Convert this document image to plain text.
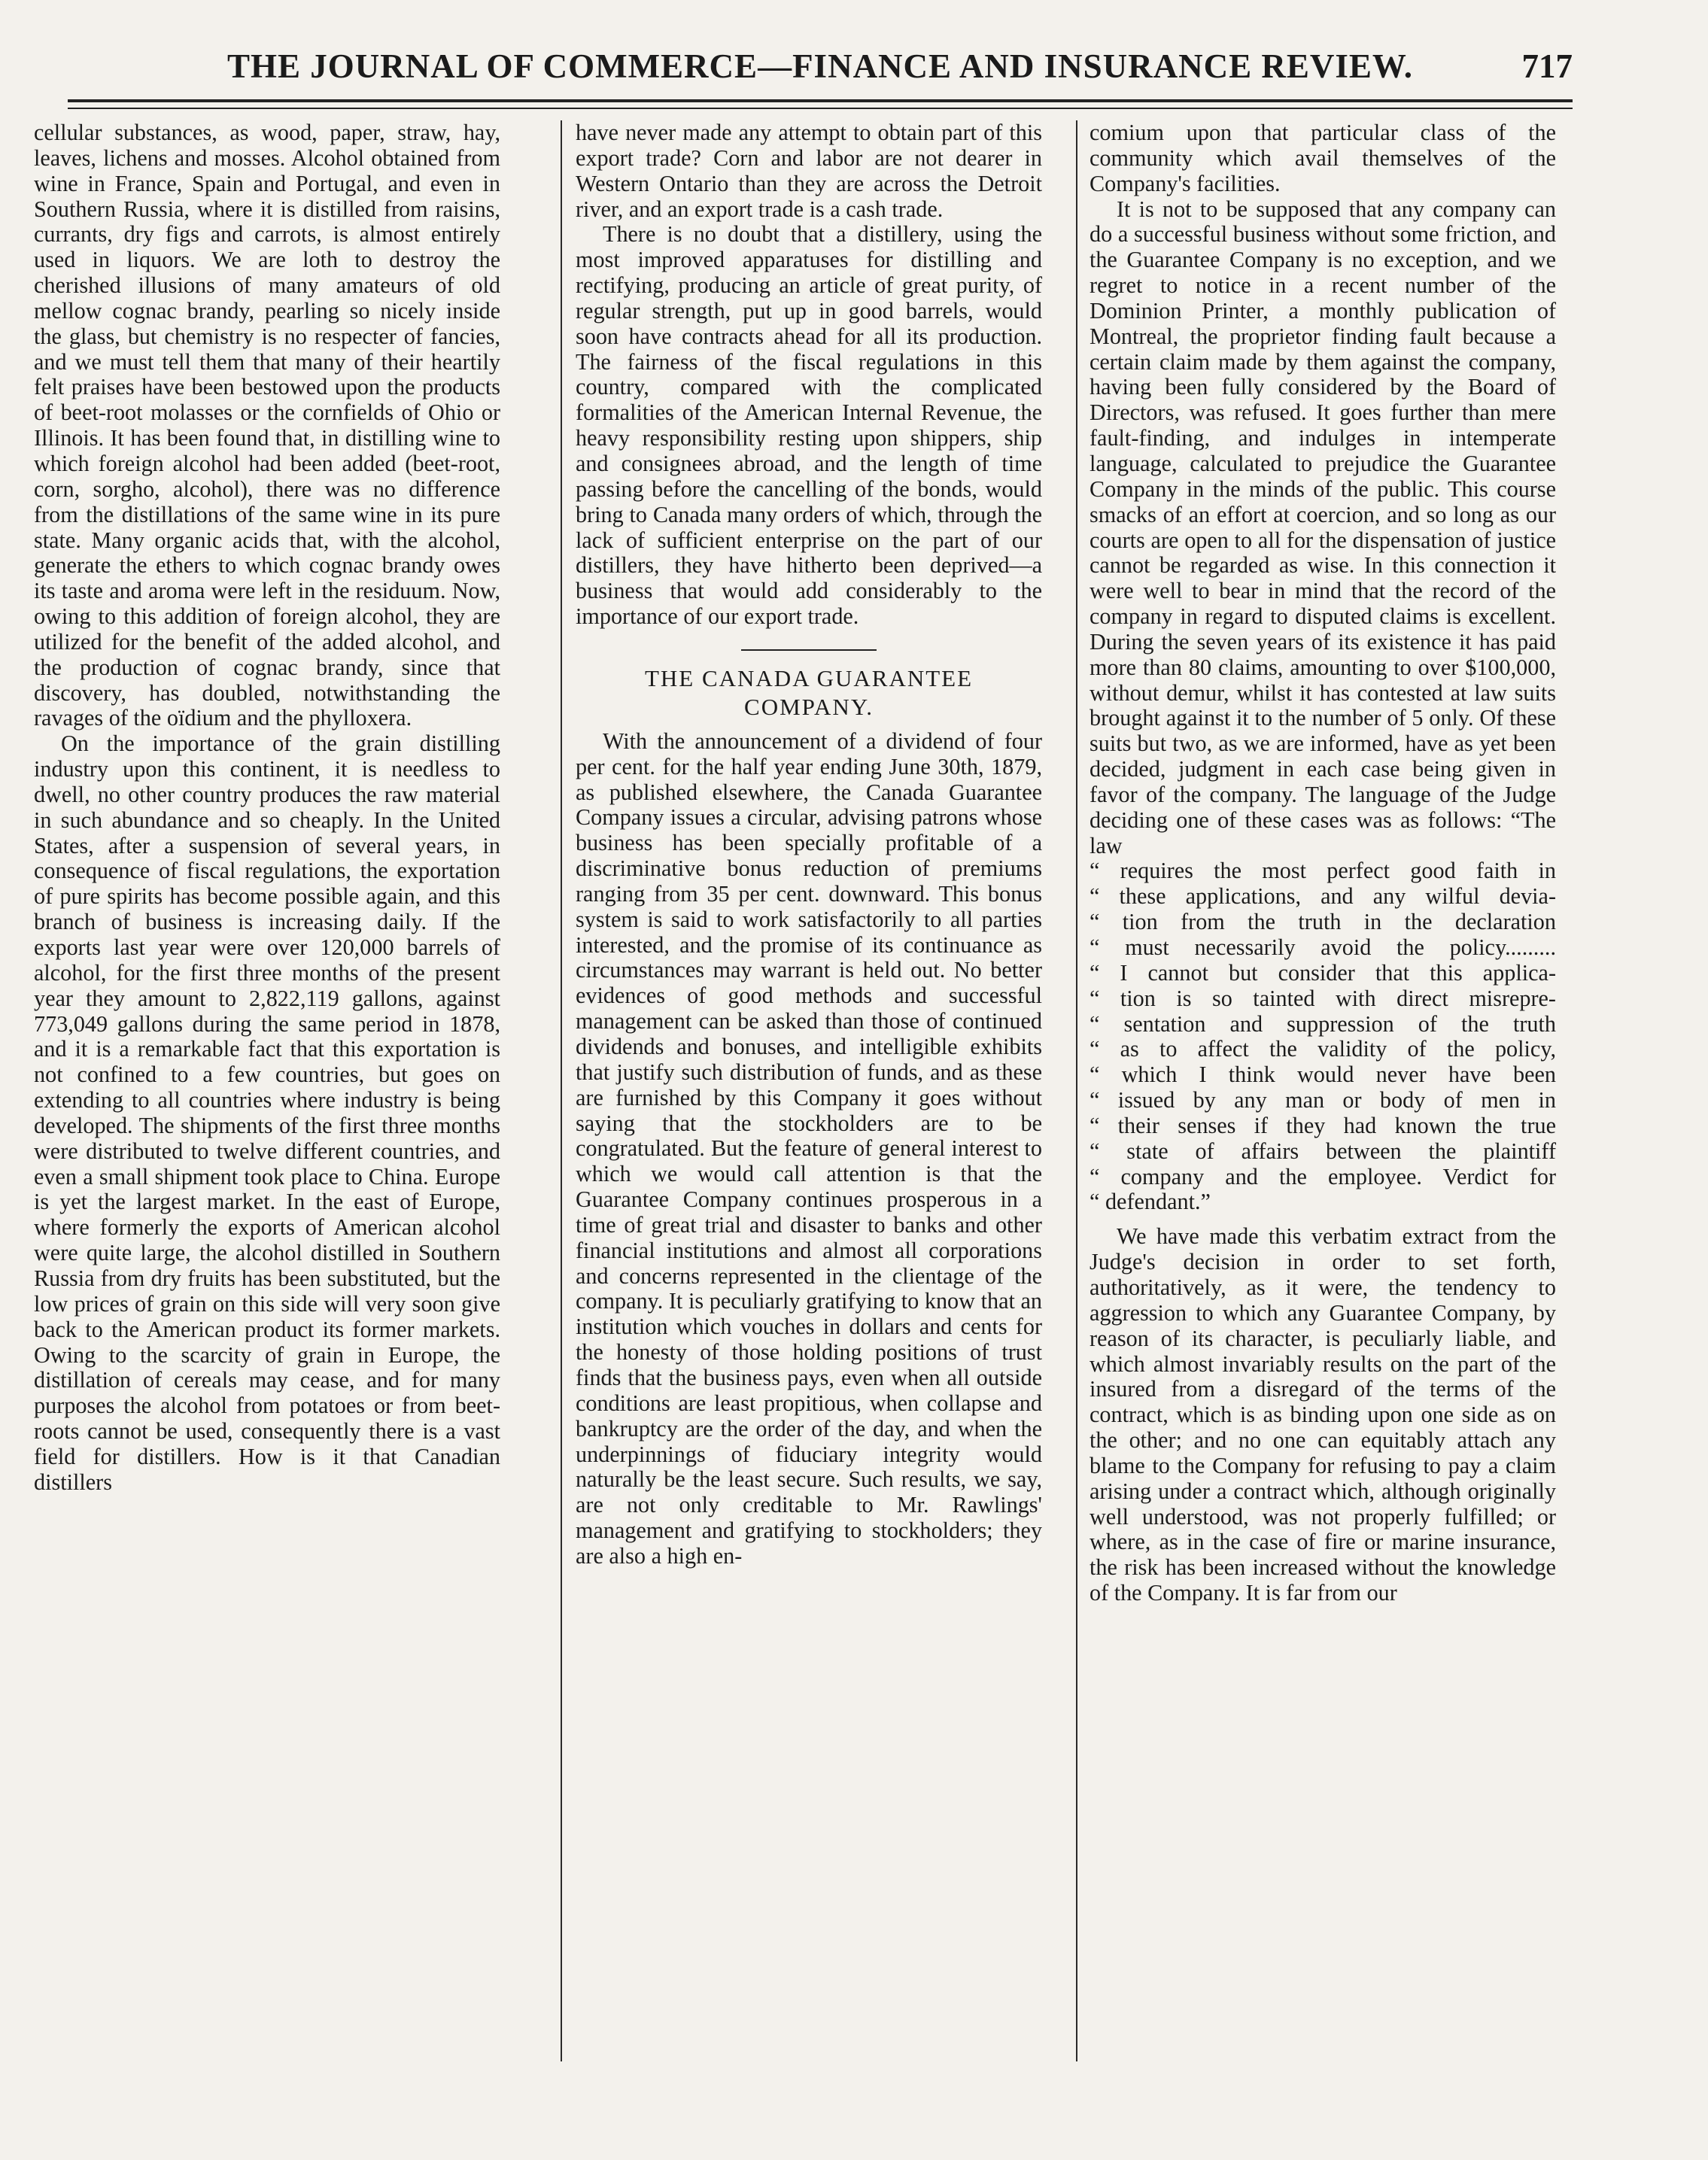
THE JOURNAL OF COMMERCE—FINANCE AND INSURANCE REVIEW.	717

cellular substances, as wood, paper, straw, hay, leaves, lichens and mosses. Alcohol obtained from wine in France, Spain and Portugal, and even in Southern Russia, where it is distilled from raisins, currants, dry figs and carrots, is almost entirely used in liquors. We are loth to destroy the cherished illusions of many amateurs of old mellow cognac brandy, pearling so nicely inside the glass, but chemistry is no respecter of fancies, and we must tell them that many of their heartily felt praises have been bestowed upon the products of beet-root molasses or the cornfields of Ohio or Illinois. It has been found that, in distilling wine to which foreign alcohol had been added (beet-root, corn, sorgho, alcohol), there was no difference from the distillations of the same wine in its pure state. Many organic acids that, with the alcohol, generate the ethers to which cognac brandy owes its taste and aroma were left in the residuum. Now, owing to this addition of foreign alcohol, they are utilized for the benefit of the added alcohol, and the production of cognac brandy, since that discovery, has doubled, notwithstanding the ravages of the oïdium and the phylloxera.

On the importance of the grain distilling industry upon this continent, it is needless to dwell, no other country produces the raw material in such abundance and so cheaply. In the United States, after a suspension of several years, in consequence of fiscal regulations, the exportation of pure spirits has become possible again, and this branch of business is increasing daily. If the exports last year were over 120,000 barrels of alcohol, for the first three months of the present year they amount to 2,822,119 gallons, against 773,049 gallons during the same period in 1878, and it is a remarkable fact that this exportation is not confined to a few countries, but goes on extending to all countries where industry is being developed. The shipments of the first three months were distributed to twelve different countries, and even a small shipment took place to China. Europe is yet the largest market. In the east of Europe, where formerly the exports of American alcohol were quite large, the alcohol distilled in Southern Russia from dry fruits has been substituted, but the low prices of grain on this side will very soon give back to the American product its former markets. Owing to the scarcity of grain in Europe, the distillation of cereals may cease, and for many purposes the alcohol from potatoes or from beet-roots cannot be used, consequently there is a vast field for distillers. How is it that Canadian distillers

have never made any attempt to obtain part of this export trade? Corn and labor are not dearer in Western Ontario than they are across the Detroit river, and an export trade is a cash trade.

There is no doubt that a distillery, using the most improved apparatuses for distilling and rectifying, producing an article of great purity, of regular strength, put up in good barrels, would soon have contracts ahead for all its production. The fairness of the fiscal regulations in this country, compared with the complicated formalities of the American Internal Revenue, the heavy responsibility resting upon shippers, ship and consignees abroad, and the length of time passing before the cancelling of the bonds, would bring to Canada many orders of which, through the lack of sufficient enterprise on the part of our distillers, they have hitherto been deprived—a business that would add considerably to the importance of our export trade.

THE CANADA GUARANTEE
COMPANY.

With the announcement of a dividend of four per cent. for the half year ending June 30th, 1879, as published elsewhere, the Canada Guarantee Company issues a circular, advising patrons whose business has been specially profitable of a discriminative bonus reduction of premiums ranging from 35 per cent. downward. This bonus system is said to work satisfactorily to all parties interested, and the promise of its continuance as circumstances may warrant is held out. No better evidences of good methods and successful management can be asked than those of continued dividends and bonuses, and intelligible exhibits that justify such distribution of funds, and as these are furnished by this Company it goes without saying that the stockholders are to be congratulated. But the feature of general interest to which we would call attention is that the Guarantee Company continues prosperous in a time of great trial and disaster to banks and other financial institutions and almost all corporations and concerns represented in the clientage of the company. It is peculiarly gratifying to know that an institution which vouches in dollars and cents for the honesty of those holding positions of trust finds that the business pays, even when all outside conditions are least propitious, when collapse and bankruptcy are the order of the day, and when the underpinnings of fiduciary integrity would naturally be the least secure. Such results, we say, are not only creditable to Mr. Rawlings' management and gratifying to stockholders; they are also a high en-

comium upon that particular class of the community which avail themselves of the Company's facilities.

It is not to be supposed that any company can do a successful business without some friction, and the Guarantee Company is no exception, and we regret to notice in a recent number of the Dominion Printer, a monthly publication of Montreal, the proprietor finding fault because a certain claim made by them against the company, having been fully considered by the Board of Directors, was refused. It goes further than mere fault-finding, and indulges in intemperate language, calculated to prejudice the Guarantee Company in the minds of the public. This course smacks of an effort at coercion, and so long as our courts are open to all for the dispensation of justice cannot be regarded as wise. In this connection it were well to bear in mind that the record of the company in regard to disputed claims is excellent. During the seven years of its existence it has paid more than 80 claims, amounting to over $100,000, without demur, whilst it has contested at law suits brought against it to the number of 5 only. Of these suits but two, as we are informed, have as yet been decided, judgment in each case being given in favor of the company. The language of the Judge deciding one of these cases was as follows: “The law

“ requires the most perfect good faith in
“ these applications, and any wilful devia-
“ tion from the truth in the declaration
“ must necessarily avoid the policy.........
“ I cannot but consider that this applica-
“ tion is so tainted with direct misrepre-
“ sentation and suppression of the truth
“ as to affect the validity of the policy,
“ which I think would never have been
“ issued by any man or body of men in
“ their senses if they had known the true
“ state of affairs between the plaintiff
“ company and the employee. Verdict for
“ defendant.”

We have made this verbatim extract from the Judge's decision in order to set forth, authoritatively, as it were, the tendency to aggression to which any Guarantee Company, by reason of its character, is peculiarly liable, and which almost invariably results on the part of the insured from a disregard of the terms of the contract, which is as binding upon one side as on the other; and no one can equitably attach any blame to the Company for refusing to pay a claim arising under a contract which, although originally well understood, was not properly fulfilled; or where, as in the case of fire or marine insurance, the risk has been increased without the knowledge of the Company. It is far from our
